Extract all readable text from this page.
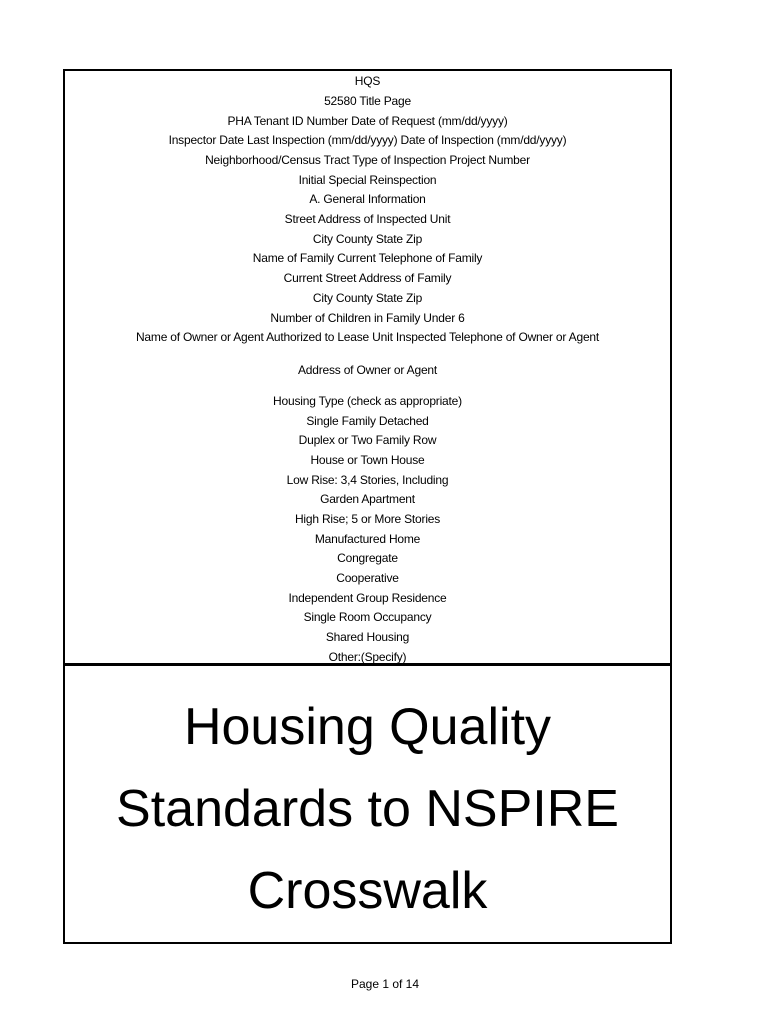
HQS
52580 Title Page
PHA Tenant ID Number Date of Request (mm/dd/yyyy)
Inspector Date Last Inspection (mm/dd/yyyy) Date of Inspection (mm/dd/yyyy)
Neighborhood/Census Tract Type of Inspection Project Number
Initial Special Reinspection
A. General Information
Street Address of Inspected Unit
City County State Zip
Name of Family Current Telephone of Family
Current Street Address of Family
City County State Zip
Number of Children in Family Under 6
Name of Owner or Agent Authorized to Lease Unit Inspected Telephone of Owner or Agent
Address of Owner or Agent
Housing Type (check as appropriate)
Single Family Detached
Duplex or Two Family Row
House or Town House
Low Rise: 3,4 Stories, Including
Garden Apartment
High Rise; 5 or More Stories
Manufactured Home
Congregate
Cooperative
Independent Group Residence
Single Room Occupancy
Shared Housing
Other:(Specify)
Housing Quality
Standards to NSPIRE
Crosswalk
Page 1 of 14
